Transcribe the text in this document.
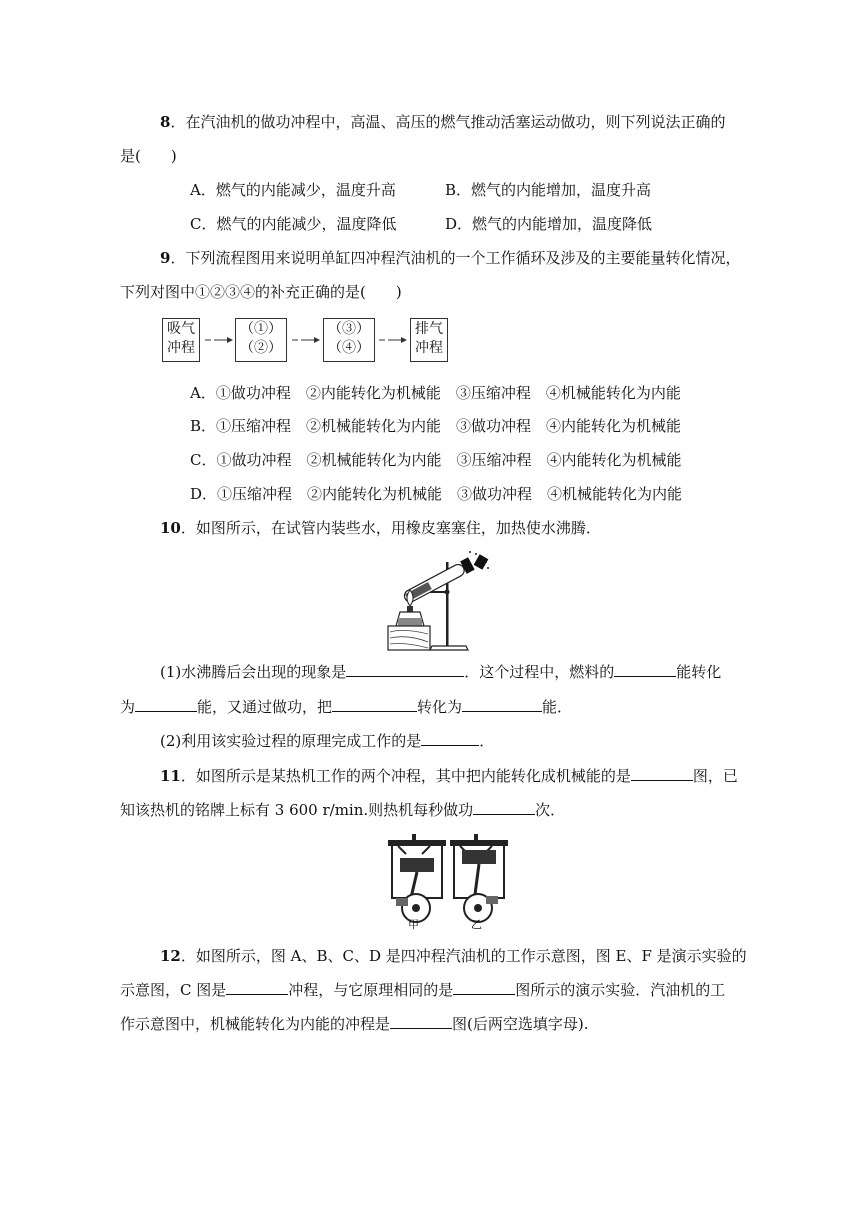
8．在汽油机的做功冲程中，高温、高压的燃气推动活塞运动做功，则下列说法正确的
是(　　)
A．燃气的内能减少，温度升高	B．燃气的内能增加，温度升高
C．燃气的内能减少，温度降低	D．燃气的内能增加，温度降低
9．下列流程图用来说明单缸四冲程汽油机的一个工作循环及涉及的主要能量转化情况，
下列对图中①②③④的补充正确的是(　　)
吸气
冲程
（①）
（②）
（③）
（④）
排气
冲程
A．①做功冲程　②内能转化为机械能　③压缩冲程　④机械能转化为内能
B．①压缩冲程　②机械能转化为内能　③做功冲程　④内能转化为机械能
C．①做功冲程　②机械能转化为内能　③压缩冲程　④内能转化为机械能
D．①压缩冲程　②内能转化为机械能　③做功冲程　④机械能转化为内能
10．如图所示，在试管内装些水，用橡皮塞塞住，加热使水沸腾．
(1)水沸腾后会出现的现象是	．这个过程中，燃料的	能转化
为	能，又通过做功，把	转化为	能．
(2)利用该实验过程的原理完成工作的是	．
11．如图所示是某热机工作的两个冲程，其中把内能转化成机械能的是	图，已
知该热机的铭牌上标有 3 600 r/min.则热机每秒做功	次．
甲	乙
12．如图所示，图 A、B、C、D 是四冲程汽油机的工作示意图，图 E、F 是演示实验的
示意图，C 图是	冲程，与它原理相同的是	图所示的演示实验．汽油机的工
作示意图中，机械能转化为内能的冲程是	图(后两空选填字母).
